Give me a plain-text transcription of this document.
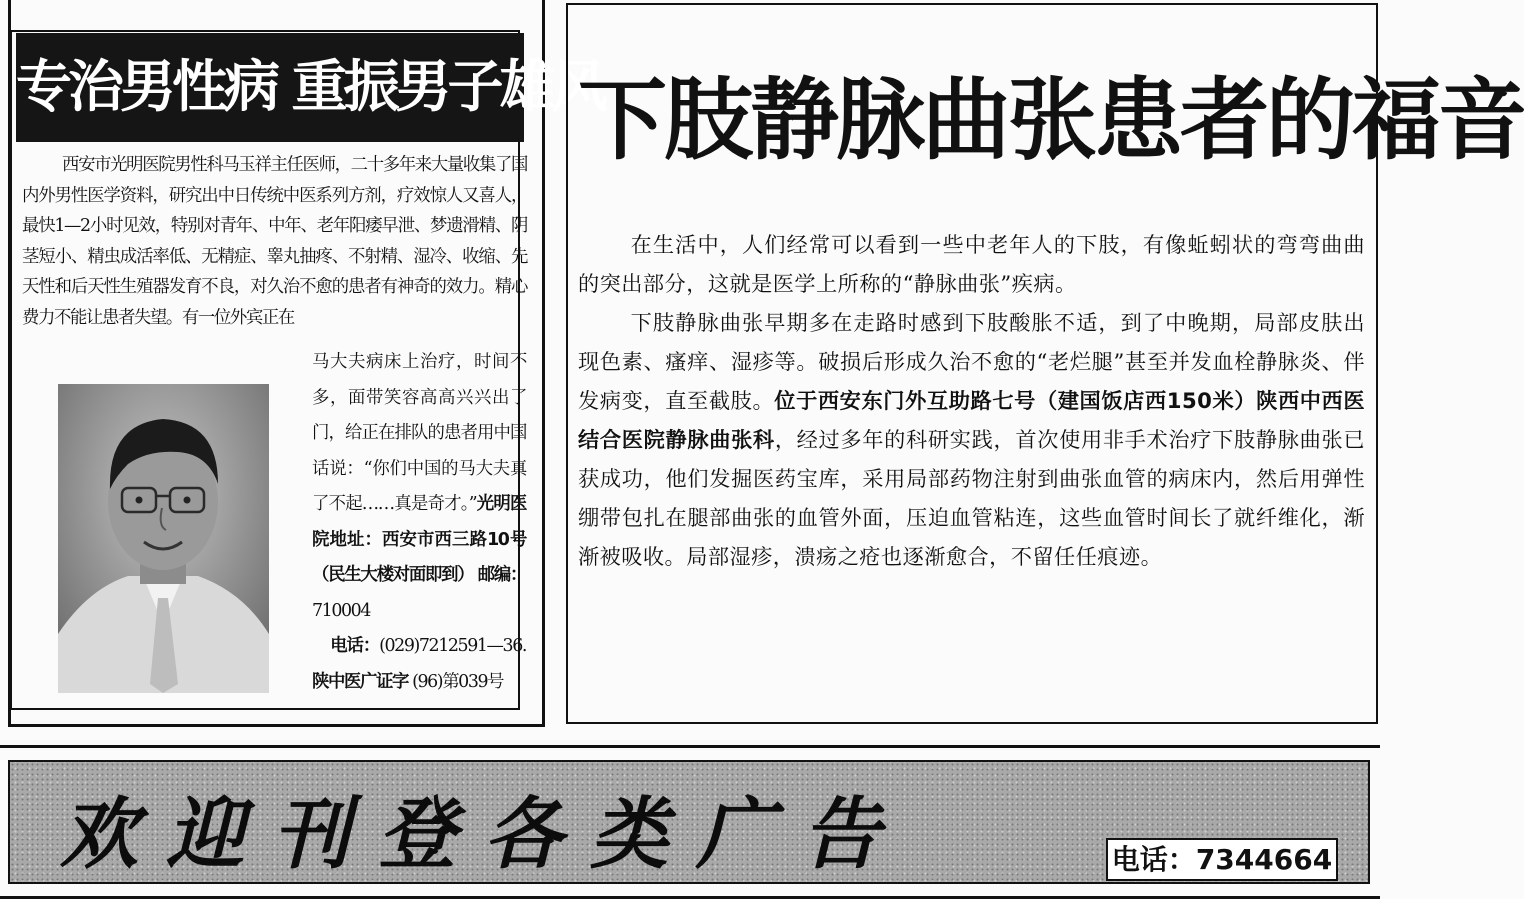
专治男性病 重振男子雄风

西安市光明医院男性科马玉祥主任医师，二十多年来大量收集了国内外男性医学资料，研究出中日传统中医系列方剂，疗效惊人又喜人，最快1—2小时见效，特别对青年、中年、老年阳痿早泄、梦遗滑精、阴茎短小、精虫成活率低、无精症、睾丸抽疼、不射精、湿冷、收缩、先天性和后天性生殖器发育不良，对久治不愈的患者有神奇的效力。精心费力不能让患者失望。有一位外宾正在

马大夫病床上治疗，时间不多，面带笑容高高兴兴出了门，给正在排队的患者用中国话说：“你们中国的马大夫真了不起……真是奇才。”光明医院地址：西安市西三路10号（民生大楼对面即到） 邮编：710004
电话：(029)7212591—36. 陕中医广证字 (96)第039号

下肢静脉曲张患者的福音

在生活中，人们经常可以看到一些中老年人的下肢，有像蚯蚓状的弯弯曲曲的突出部分，这就是医学上所称的“静脉曲张”疾病。

下肢静脉曲张早期多在走路时感到下肢酸胀不适，到了中晚期，局部皮肤出现色素、瘙痒、湿疹等。破损后形成久治不愈的“老烂腿”甚至并发血栓静脉炎、伴发病变，直至截肢。位于西安东门外互助路七号（建国饭店西150米）陕西中西医结合医院静脉曲张科，经过多年的科研实践，首次使用非手术治疗下肢静脉曲张已获成功，他们发掘医药宝库，采用局部药物注射到曲张血管的病床内，然后用弹性绷带包扎在腿部曲张的血管外面，压迫血管粘连，这些血管时间长了就纤维化，渐渐被吸收。局部湿疹，溃疡之疮也逐渐愈合，不留任任痕迹。

欢迎刊登各类广告	电话：7344664
